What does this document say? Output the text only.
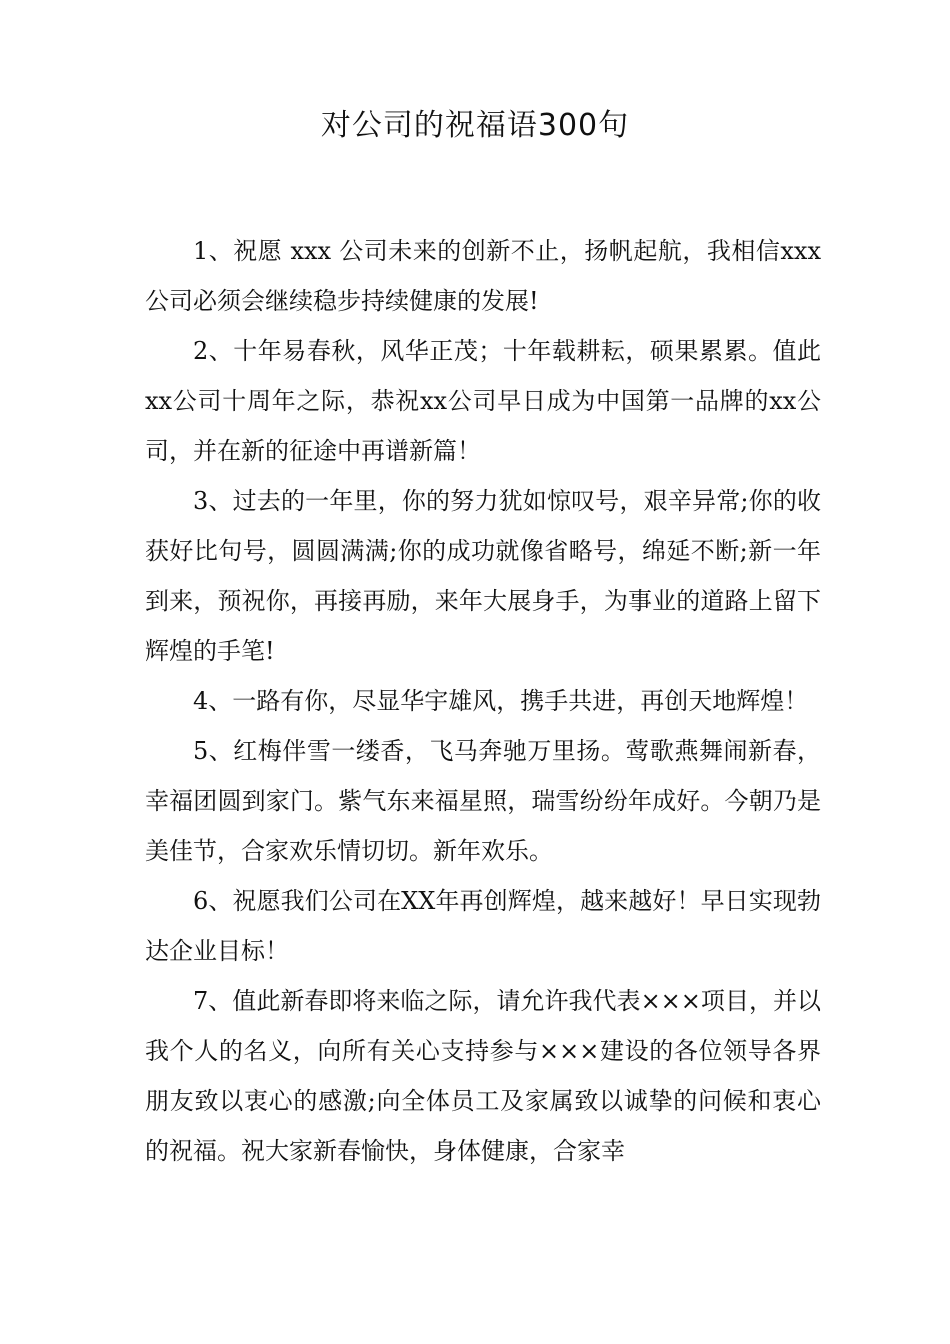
对公司的祝福语300句

1、祝愿 xxx 公司未来的创新不止，扬帆起航，我相信xxx公司必须会继续稳步持续健康的发展!

2、十年易春秋，风华正茂；十年载耕耘，硕果累累。值此xx公司十周年之际，恭祝xx公司早日成为中国第一品牌的xx公司，并在新的征途中再谱新篇！

3、过去的一年里，你的努力犹如惊叹号，艰辛异常;你的收获好比句号，圆圆满满;你的成功就像省略号，绵延不断;新一年到来，预祝你，再接再励，来年大展身手，为事业的道路上留下辉煌的手笔!

4、一路有你，尽显华宇雄风，携手共进，再创天地辉煌！

5、红梅伴雪一缕香，飞马奔驰万里扬。莺歌燕舞闹新春，幸福团圆到家门。紫气东来福星照，瑞雪纷纷年成好。今朝乃是美佳节，合家欢乐情切切。新年欢乐。

6、祝愿我们公司在XX年再创辉煌，越来越好！早日实现勃达企业目标！

7、值此新春即将来临之际，请允许我代表×××项目，并以我个人的名义，向所有关心支持参与×××建设的各位领导各界朋友致以衷心的感激;向全体员工及家属致以诚挚的问候和衷心的祝福。祝大家新春愉快，身体健康，合家幸
